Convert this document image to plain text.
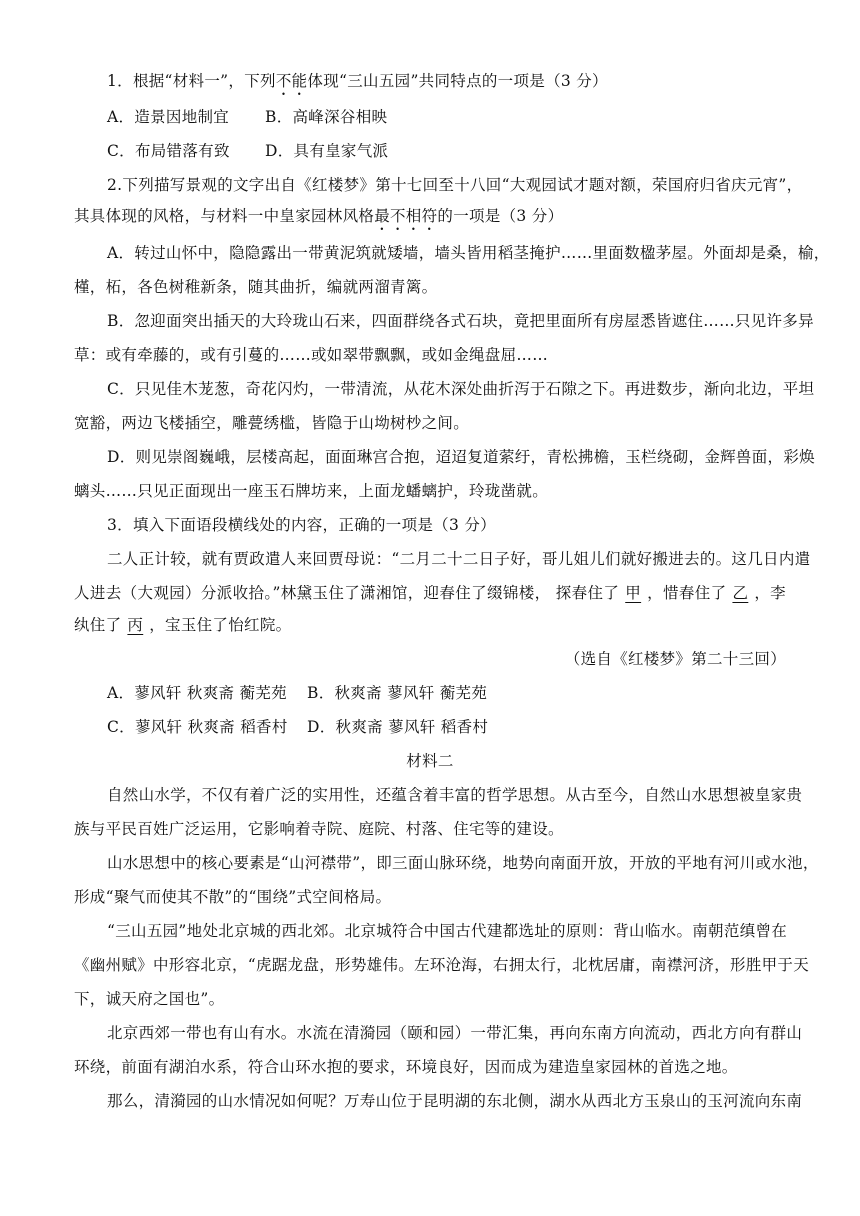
1．根据“材料一”，下列不能体现“三山五园”共同特点的一项是（3 分）
A．造景因地制宜 B．高峰深谷相映
C．布局错落有致 D．具有皇家气派
2.下列描写景观的文字出自《红楼梦》第十七回至十八回“大观园试才题对额，荣国府归省庆元宵”，
其具体现的风格，与材料一中皇家园林风格最不相符的一项是（3 分）
A．转过山怀中，隐隐露出一带黄泥筑就矮墙，墙头皆用稻茎掩护……里面数楹茅屋。外面却是桑，榆，
槿，柘，各色树稚新条，随其曲折，编就两溜青篱。
B．忽迎面突出插天的大玲珑山石来，四面群绕各式石块，竟把里面所有房屋悉皆遮住……只见许多异
草：或有牵藤的，或有引蔓的……或如翠带飘飘，或如金绳盘屈……
C．只见佳木茏葱，奇花闪灼，一带清流，从花木深处曲折泻于石隙之下。再进数步，渐向北边，平坦
宽豁，两边飞楼插空，雕甍绣槛，皆隐于山坳树杪之间。
D．则见崇阁巍峨，层楼高起，面面琳宫合抱，迢迢复道萦纡，青松拂檐，玉栏绕砌，金辉兽面，彩焕
螭头……只见正面现出一座玉石牌坊来，上面龙蟠螭护，玲珑凿就。
3．填入下面语段横线处的内容，正确的一项是（3 分）
二人正计较，就有贾政遣人来回贾母说：“二月二十二日子好，哥儿姐儿们就好搬进去的。这几日内遣
人进去（大观园）分派收拾。”林黛玉住了潇湘馆，迎春住了缀锦楼， 探春住了 甲 ，惜春住了 乙 ，李
纨住了 丙 ，宝玉住了怡红院。
（选自《红楼梦》第二十三回）
A．蓼风轩 秋爽斋 蘅芜苑 B．秋爽斋 蓼风轩 蘅芜苑
C．蓼风轩 秋爽斋 稻香村 D．秋爽斋 蓼风轩 稻香村
材料二
自然山水学，不仅有着广泛的实用性，还蕴含着丰富的哲学思想。从古至今，自然山水思想被皇家贵
族与平民百姓广泛运用，它影响着寺院、庭院、村落、住宅等的建设。
山水思想中的核心要素是“山河襟带”，即三面山脉环绕，地势向南面开放，开放的平地有河川或水池，
形成“聚气而使其不散”的“围绕”式空间格局。
“三山五园”地处北京城的西北郊。北京城符合中国古代建都选址的原则：背山临水。南朝范缜曾在
《幽州赋》中形容北京，“虎踞龙盘，形势雄伟。左环沧海，右拥太行，北枕居庸，南襟河济，形胜甲于天
下，诚天府之国也”。
北京西郊一带也有山有水。水流在清漪园（颐和园）一带汇集，再向东南方向流动，西北方向有群山
环绕，前面有湖泊水系，符合山环水抱的要求，环境良好，因而成为建造皇家园林的首选之地。
那么，清漪园的山水情况如何呢？万寿山位于昆明湖的东北侧，湖水从西北方玉泉山的玉河流向东南
